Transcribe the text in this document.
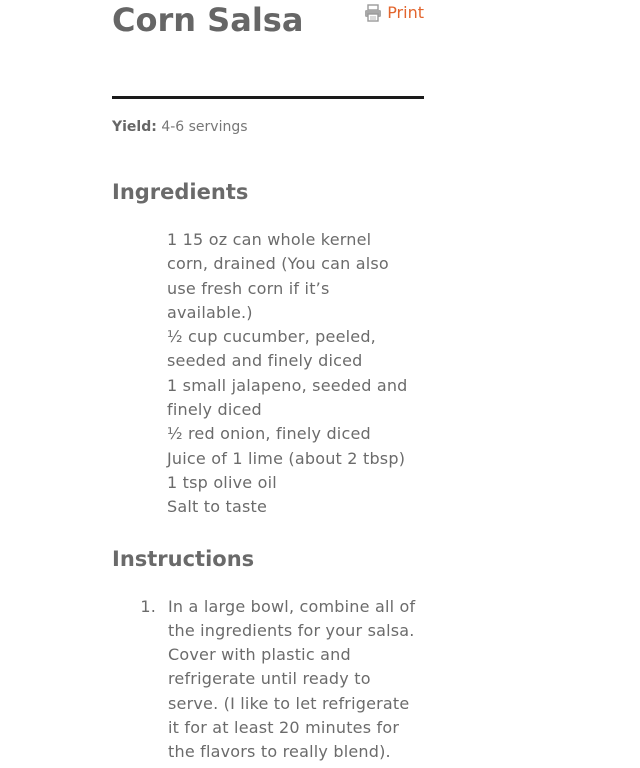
Corn Salsa	Print
Yield: 4-6 servings
Ingredients
1 15 oz can whole kernel corn, drained (You can also use fresh corn if it’s available.)
½ cup cucumber, peeled, seeded and finely diced
1 small jalapeno, seeded and finely diced
½ red onion, finely diced
Juice of 1 lime (about 2 tbsp)
1 tsp olive oil
Salt to taste
Instructions
1. In a large bowl, combine all of the ingredients for your salsa. Cover with plastic and refrigerate until ready to serve. (I like to let refrigerate it for at least 20 minutes for the flavors to really blend).
